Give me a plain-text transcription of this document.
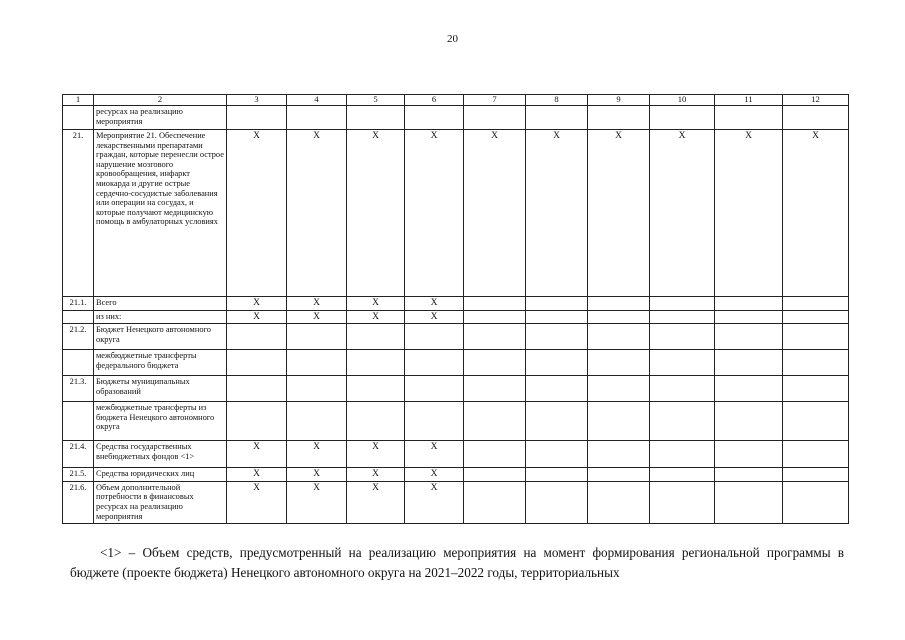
20
1	2	3	4	5	6	7	8	9	10	11	12
	ресурсах на реализацию мероприятия										
21.	Мероприятие 21. Обеспечение лекарственными препаратами граждан, которые перенесли острое нарушение мозгового кровообращения, инфаркт миокарда и другие острые сердечно-сосудистые заболевания или операции на сосудах, и которые получают медицинскую помощь в амбулаторных условиях	Х	Х	Х	Х	Х	Х	Х	Х	Х	Х
21.1.	Всего	Х	Х	Х	Х						
	из них:	Х	Х	Х	Х						
21.2.	Бюджет Ненецкого автономного округа										
	межбюджетные трансферты федерального бюджета										
21.3.	Бюджеты муниципальных образований										
	межбюджетные трансферты из бюджета Ненецкого автономного округа										
21.4.	Средства государственных внебюджетных фондов <1>	Х	Х	Х	Х						
21.5.	Средства юридических лиц	Х	Х	Х	Х						
21.6.	Объем дополнительной потребности в финансовых ресурсах на реализацию мероприятия	Х	Х	Х	Х						
<1> – Объем средств, предусмотренный на реализацию мероприятия на момент формирования региональной программы в бюджете (проекте бюджета) Ненецкого автономного округа на 2021–2022 годы, территориальных
